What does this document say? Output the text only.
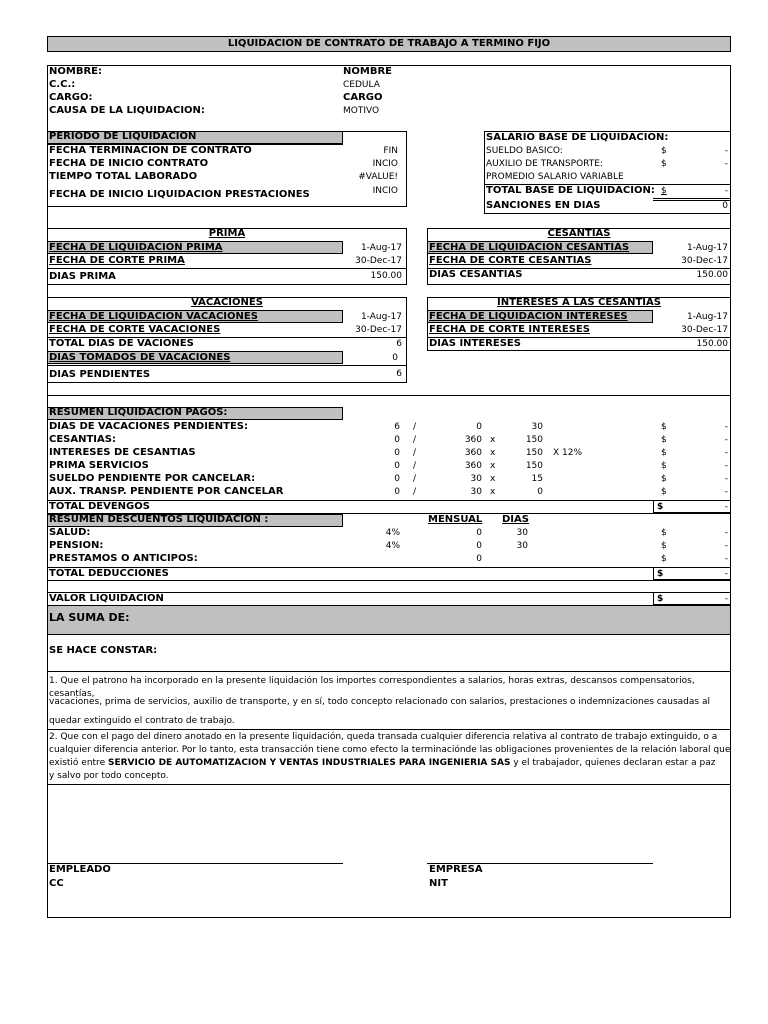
LIQUIDACION DE CONTRATO DE TRABAJO A TERMINO FIJO
NOMBRE:	NOMBRE
C.C.:	CEDULA
CARGO:	CARGO
CAUSA DE LA LIQUIDACION:	MOTIVO
PERIODO DE LIQUIDACION
FECHA TERMINACION DE CONTRATO	FIN
FECHA DE INICIO CONTRATO	INCIO
TIEMPO TOTAL LABORADO	#VALUE!
FECHA DE INICIO LIQUIDACION PRESTACIONES	INCIO
SALARIO BASE DE LIQUIDACION:
SUELDO BASICO:	$	-
AUXILIO DE TRANSPORTE:	$	-
PROMEDIO SALARIO VARIABLE
TOTAL BASE DE LIQUIDACION: $	-
SANCIONES EN DIAS	0
PRIMA
FECHA DE LIQUIDACION PRIMA	1-Aug-17
FECHA DE CORTE PRIMA	30-Dec-17
DIAS PRIMA	150.00
CESANTIAS
FECHA DE LIQUIDACION CESANTIAS	1-Aug-17
FECHA DE CORTE CESANTIAS	30-Dec-17
DIAS CESANTIAS	150.00
VACACIONES
FECHA DE LIQUIDACION VACACIONES	1-Aug-17
FECHA DE CORTE VACACIONES	30-Dec-17
TOTAL DIAS DE VACIONES	6
DIAS TOMADOS DE VACACIONES	0
DIAS PENDIENTES	6
INTERESES A LAS CESANTIAS
FECHA DE LIQUIDACION INTERESES	1-Aug-17
FECHA DE CORTE INTERESES	30-Dec-17
DIAS INTERESES	150.00
RESUMEN LIQUIDACION PAGOS:
DIAS DE VACACIONES PENDIENTES:	6 /	0	30	$	-
CESANTIAS:	0 /	360 x	150	$	-
INTERESES DE CESANTIAS	0 /	360 x	150 X 12%	$	-
PRIMA SERVICIOS	0 /	360 x	150	$	-
SUELDO PENDIENTE POR CANCELAR:	0 /	30 x	15	$	-
AUX. TRANSP. PENDIENTE POR CANCELAR	0 /	30 x	0	$	-
TOTAL DEVENGOS	$	-
RESUMEN DESCUENTOS LIQUIDACION :	MENSUAL DIAS
SALUD:	4%	0	30	$	-
PENSION:	4%	0	30	$	-
PRESTAMOS O ANTICIPOS:	0	$	-
TOTAL DEDUCCIONES	$	-
VALOR LIQUIDACION	$	-
LA SUMA DE:
SE HACE CONSTAR:
1. Que el patrono ha incorporado en la presente liquidación los importes correspondientes a salarios, horas extras, descansos compensatorios, cesantías,
vacaciones, prima de servicios, auxilio de transporte, y en sí, todo concepto relacionado con salarios, prestaciones o indemnizaciones causadas al
quedar extinguido el contrato de trabajo.
2. Que con el pago del dinero anotado en la presente liquidación, queda transada cualquier diferencia relativa al contrato de trabajo extinguido, o a
cualquier diferencia anterior. Por lo tanto, esta transacción tiene como efecto la terminaciónde las obligaciones provenientes de la relación laboral que
existió entre SERVICIO DE AUTOMATIZACION Y VENTAS INDUSTRIALES PARA INGENIERIA SAS y el trabajador, quienes declaran estar a paz
y salvo por todo concepto.
EMPLEADO
CC
EMPRESA
NIT
